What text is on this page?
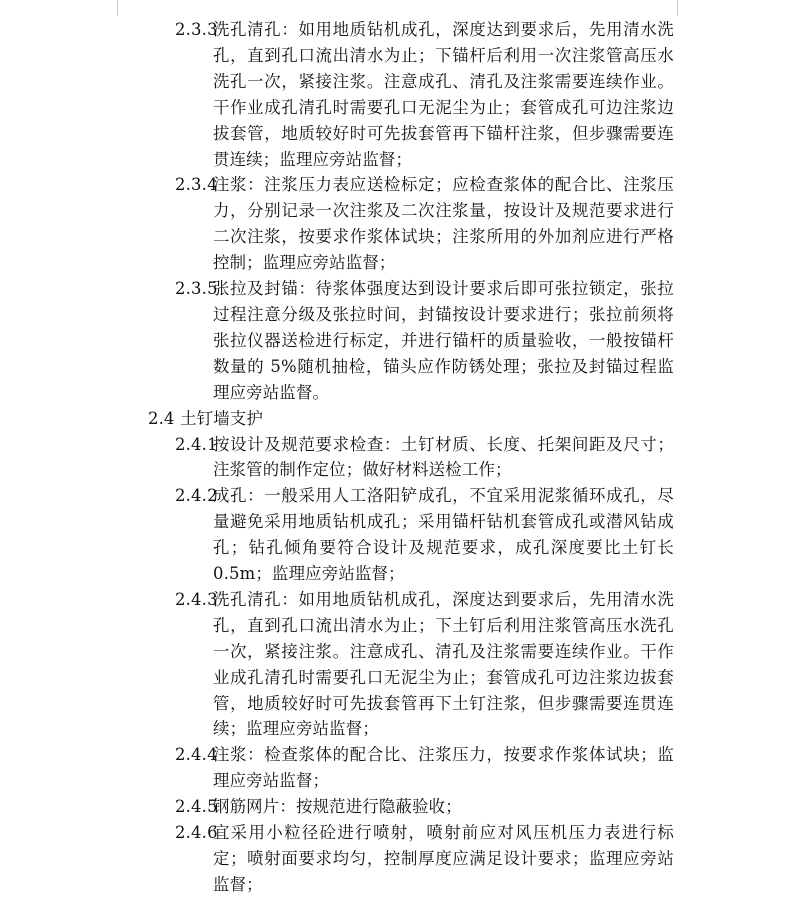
2.3.3
洗孔清孔：如用地质钻机成孔，深度达到要求后，先用清水洗孔，直到孔口流出清水为止；下锚杆后利用一次注浆管高压水洗孔一次，紧接注浆。注意成孔、清孔及注浆需要连续作业。干作业成孔清孔时需要孔口无泥尘为止；套管成孔可边注浆边拔套管，地质较好时可先拔套管再下锚杆注浆，但步骤需要连贯连续；监理应旁站监督；
2.3.4
注浆：注浆压力表应送检标定；应检查浆体的配合比、注浆压力，分别记录一次注浆及二次注浆量，按设计及规范要求进行二次注浆，按要求作浆体试块；注浆所用的外加剂应进行严格控制；监理应旁站监督；
2.3.5
张拉及封锚：待浆体强度达到设计要求后即可张拉锁定，张拉过程注意分级及张拉时间，封锚按设计要求进行；张拉前须将张拉仪器送检进行标定，并进行锚杆的质量验收，一般按锚杆数量的 5%随机抽检，锚头应作防锈处理；张拉及封锚过程监理应旁站监督。
2.4 土钉墙支护
2.4.1
按设计及规范要求检查：土钉材质、长度、托架间距及尺寸；注浆管的制作定位；做好材料送检工作；
2.4.2
成孔：一般采用人工洛阳铲成孔，不宜采用泥浆循环成孔，尽量避免采用地质钻机成孔；采用锚杆钻机套管成孔或潜风钻成孔；钻孔倾角要符合设计及规范要求，成孔深度要比土钉长 0.5m；监理应旁站监督；
2.4.3
洗孔清孔：如用地质钻机成孔，深度达到要求后，先用清水洗孔，直到孔口流出清水为止；下土钉后利用注浆管高压水洗孔一次，紧接注浆。注意成孔、清孔及注浆需要连续作业。干作业成孔清孔时需要孔口无泥尘为止；套管成孔可边注浆边拔套管，地质较好时可先拔套管再下土钉注浆，但步骤需要连贯连续；监理应旁站监督；
2.4.4
注浆：检查浆体的配合比、注浆压力，按要求作浆体试块；监理应旁站监督；
2.4.5
钢筋网片：按规范进行隐蔽验收；
2.4.6
宜采用小粒径砼进行喷射，喷射前应对风压机压力表进行标定；喷射面要求均匀，控制厚度应满足设计要求；监理应旁站监督；
